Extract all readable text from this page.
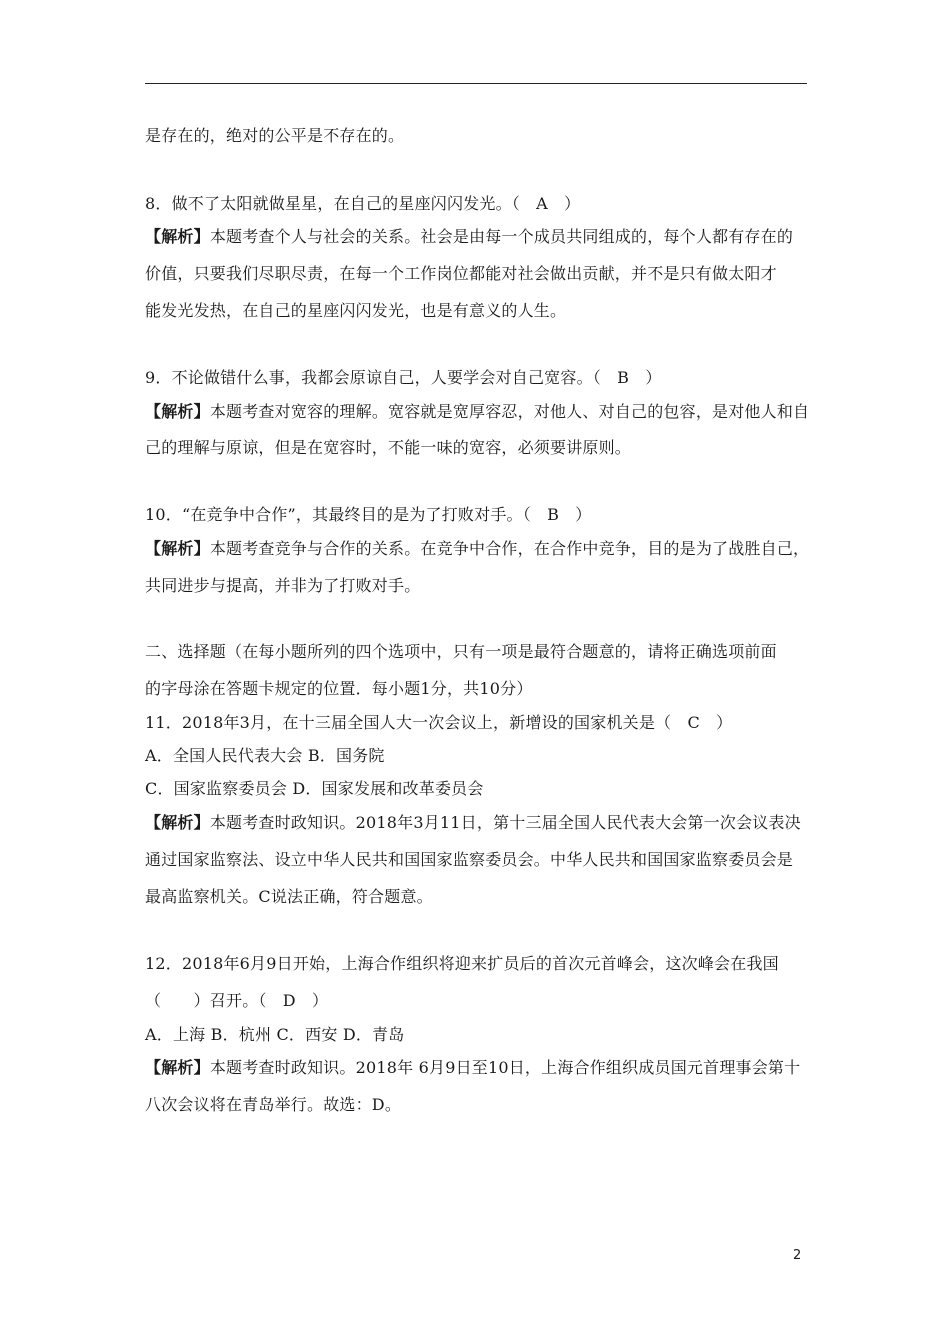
是存在的，绝对的公平是不存在的。
8．做不了太阳就做星星，在自己的星座闪闪发光。（　A　）
【解析】本题考查个人与社会的关系。社会是由每一个成员共同组成的，每个人都有存在的
价值，只要我们尽职尽责，在每一个工作岗位都能对社会做出贡献，并不是只有做太阳才
能发光发热，在自己的星座闪闪发光，也是有意义的人生。
9．不论做错什么事，我都会原谅自己，人要学会对自己宽容。（　B　）
【解析】本题考查对宽容的理解。宽容就是宽厚容忍，对他人、对自己的包容，是对他人和自
己的理解与原谅，但是在宽容时，不能一味的宽容，必须要讲原则。
10．“在竞争中合作”，其最终目的是为了打败对手。（　B　）
【解析】本题考查竞争与合作的关系。在竞争中合作，在合作中竞争，目的是为了战胜自己，
共同进步与提高，并非为了打败对手。
二、选择题（在每小题所列的四个选项中，只有一项是最符合题意的，请将正确选项前面
的字母涂在答题卡规定的位置．每小题1分，共10分）
11．2018年3月，在十三届全国人大一次会议上，新增设的国家机关是（　C　）
A．全国人民代表大会 B．国务院
C．国家监察委员会 D．国家发展和改革委员会
【解析】本题考查时政知识。2018年3月11日，第十三届全国人民代表大会第一次会议表决
通过国家监察法、设立中华人民共和国国家监察委员会。中华人民共和国国家监察委员会是
最高监察机关。C说法正确，符合题意。
12．2018年6月9日开始，上海合作组织将迎来扩员后的首次元首峰会，这次峰会在我国
（　　）召开。（　D　）
A．上海 B．杭州 C．西安 D．青岛
【解析】本题考查时政知识。2018年 6月9日至10日，上海合作组织成员国元首理事会第十
八次会议将在青岛举行。故选：D。
2
